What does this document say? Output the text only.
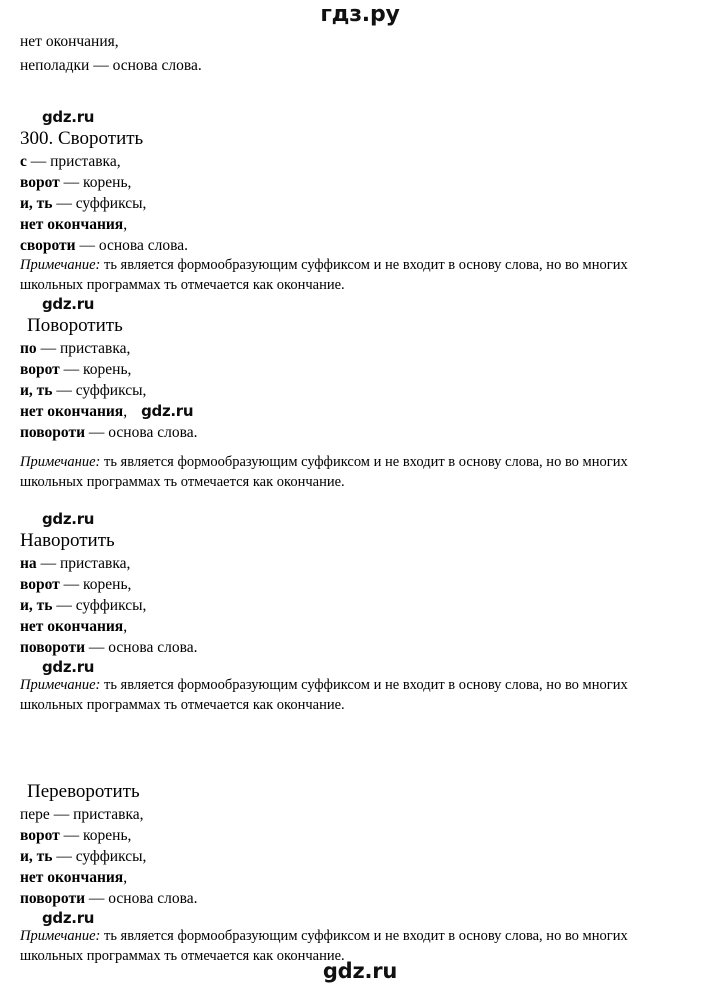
гдз.ру
нет окончания,
неполадки — основа слова.
gdz.ru
300. Своротить
с — приставка,
ворот — корень,
и, ть — суффиксы,
нет окончания,
свороти — основа слова.
Примечание: ть является формообразующим суффиксом и не входит в основу слова, но во многих школьных программах ть отмечается как окончание.
gdz.ru
Поворотить
по — приставка,
ворот — корень,
и, ть — суффиксы,
нет окончания, gdz.ru
повороти — основа слова.
Примечание: ть является формообразующим суффиксом и не входит в основу слова, но во многих школьных программах ть отмечается как окончание.
gdz.ru
Наворотить
на — приставка,
ворот — корень,
и, ть — суффиксы,
нет окончания,
повороти — основа слова.
gdz.ru
Примечание: ть является формообразующим суффиксом и не входит в основу слова, но во многих школьных программах ть отмечается как окончание.
Переворотить
пере — приставка,
ворот — корень,
и, ть — суффиксы,
нет окончания,
повороти — основа слова.
gdz.ru
Примечание: ть является формообразующим суффиксом и не входит в основу слова, но во многих школьных программах ть отмечается как окончание.
gdz.ru
